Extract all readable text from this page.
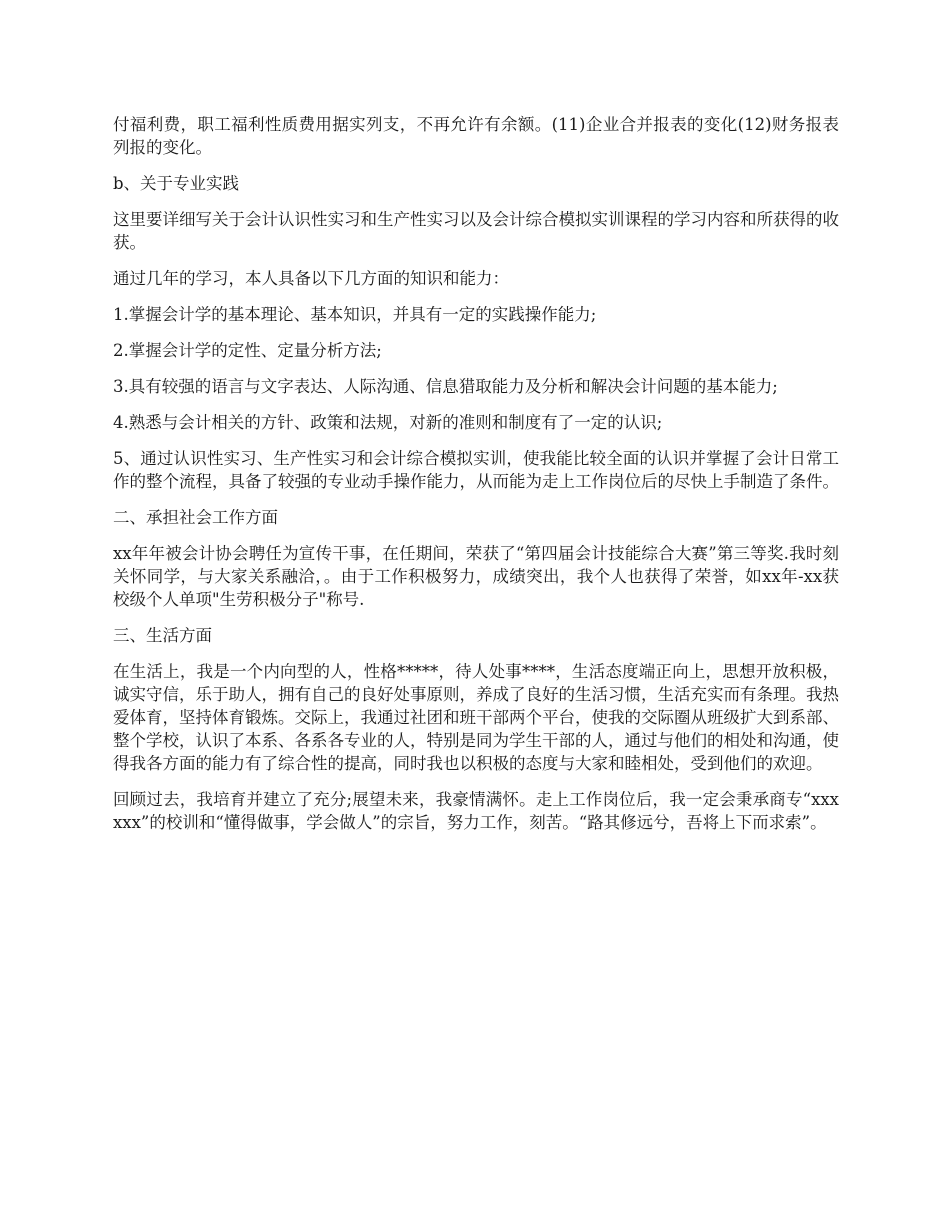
付福利费，职工福利性质费用据实列支，不再允许有余额。(11)企业合并报表的变化(12)财务报表列报的变化。

b、关于专业实践

这里要详细写关于会计认识性实习和生产性实习以及会计综合模拟实训课程的学习内容和所获得的收获。

通过几年的学习，本人具备以下几方面的知识和能力：

1.掌握会计学的基本理论、基本知识，并具有一定的实践操作能力;

2.掌握会计学的定性、定量分析方法;

3.具有较强的语言与文字表达、人际沟通、信息猎取能力及分析和解决会计问题的基本能力;

4.熟悉与会计相关的方针、政策和法规，对新的准则和制度有了一定的认识;

5、通过认识性实习、生产性实习和会计综合模拟实训，使我能比较全面的认识并掌握了会计日常工作的整个流程，具备了较强的专业动手操作能力，从而能为走上工作岗位后的尽快上手制造了条件。

二、承担社会工作方面

xx年年被会计协会聘任为宣传干事，在任期间，荣获了“第四届会计技能综合大赛”第三等奖.我时刻关怀同学，与大家关系融洽，。由于工作积极努力，成绩突出，我个人也获得了荣誉，如xx年-xx获校级个人单项"生劳积极分子"称号.

三、生活方面

在生活上，我是一个内向型的人，性格*****，待人处事****，生活态度端正向上，思想开放积极，诚实守信，乐于助人，拥有自己的良好处事原则，养成了良好的生活习惯，生活充实而有条理。我热爱体育，坚持体育锻炼。交际上，我通过社团和班干部两个平台，使我的交际圈从班级扩大到系部、整个学校，认识了本系、各系各专业的人，特别是同为学生干部的人，通过与他们的相处和沟通，使得我各方面的能力有了综合性的提高，同时我也以积极的态度与大家和睦相处，受到他们的欢迎。

回顾过去，我培育并建立了充分;展望未来，我豪情满怀。走上工作岗位后，我一定会秉承商专“xxxxxx”的校训和“懂得做事，学会做人”的宗旨，努力工作，刻苦。“路其修远兮，吾将上下而求索”。
